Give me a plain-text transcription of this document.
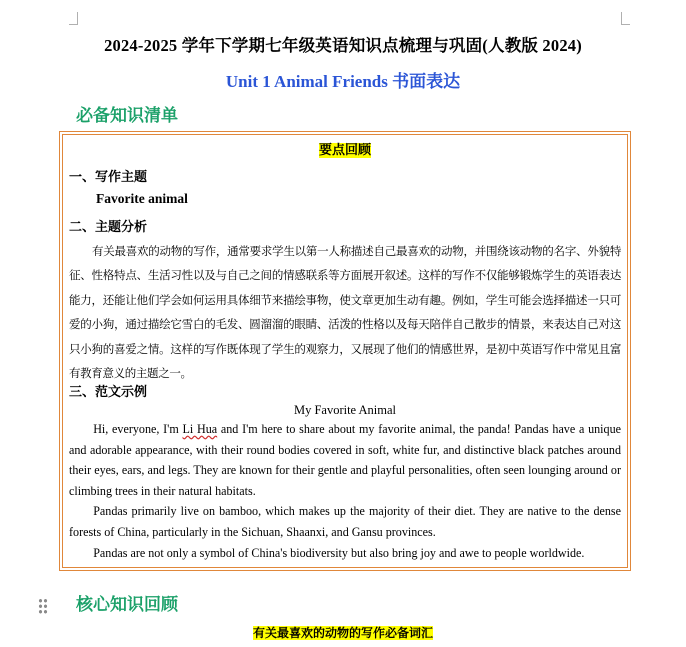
2024-2025 学年下学期七年级英语知识点梳理与巩固(人教版 2024)
Unit 1 Animal Friends 书面表达
必备知识清单
要点回顾
一、写作主题
Favorite animal
二、主题分析
有关最喜欢的动物的写作，通常要求学生以第一人称描述自己最喜欢的动物，并围绕该动物的名字、外貌特征、性格特点、生活习性以及与自己之间的情感联系等方面展开叙述。这样的写作不仅能够锻炼学生的英语表达能力，还能让他们学会如何运用具体细节来描绘事物，使文章更加生动有趣。例如，学生可能会选择描述一只可爱的小狗，通过描绘它雪白的毛发、圆溜溜的眼睛、活泼的性格以及每天陪伴自己散步的情景，来表达自己对这只小狗的喜爱之情。这样的写作既体现了学生的观察力，又展现了他们的情感世界，是初中英语写作中常见且富有教育意义的主题之一。
三、范文示例
My Favorite Animal

Hi, everyone, I'm Li Hua and I'm here to share about my favorite animal, the panda! Pandas have a unique and adorable appearance, with their round bodies covered in soft, white fur, and distinctive black patches around their eyes, ears, and legs. They are known for their gentle and playful personalities, often seen lounging around or climbing trees in their natural habitats.

Pandas primarily live on bamboo, which makes up the majority of their diet. They are native to the dense forests of China, particularly in the Sichuan, Shaanxi, and Gansu provinces.

Pandas are not only a symbol of China's biodiversity but also bring joy and awe to people worldwide.

核心知识回顾
有关最喜欢的动物的写作必备词汇
